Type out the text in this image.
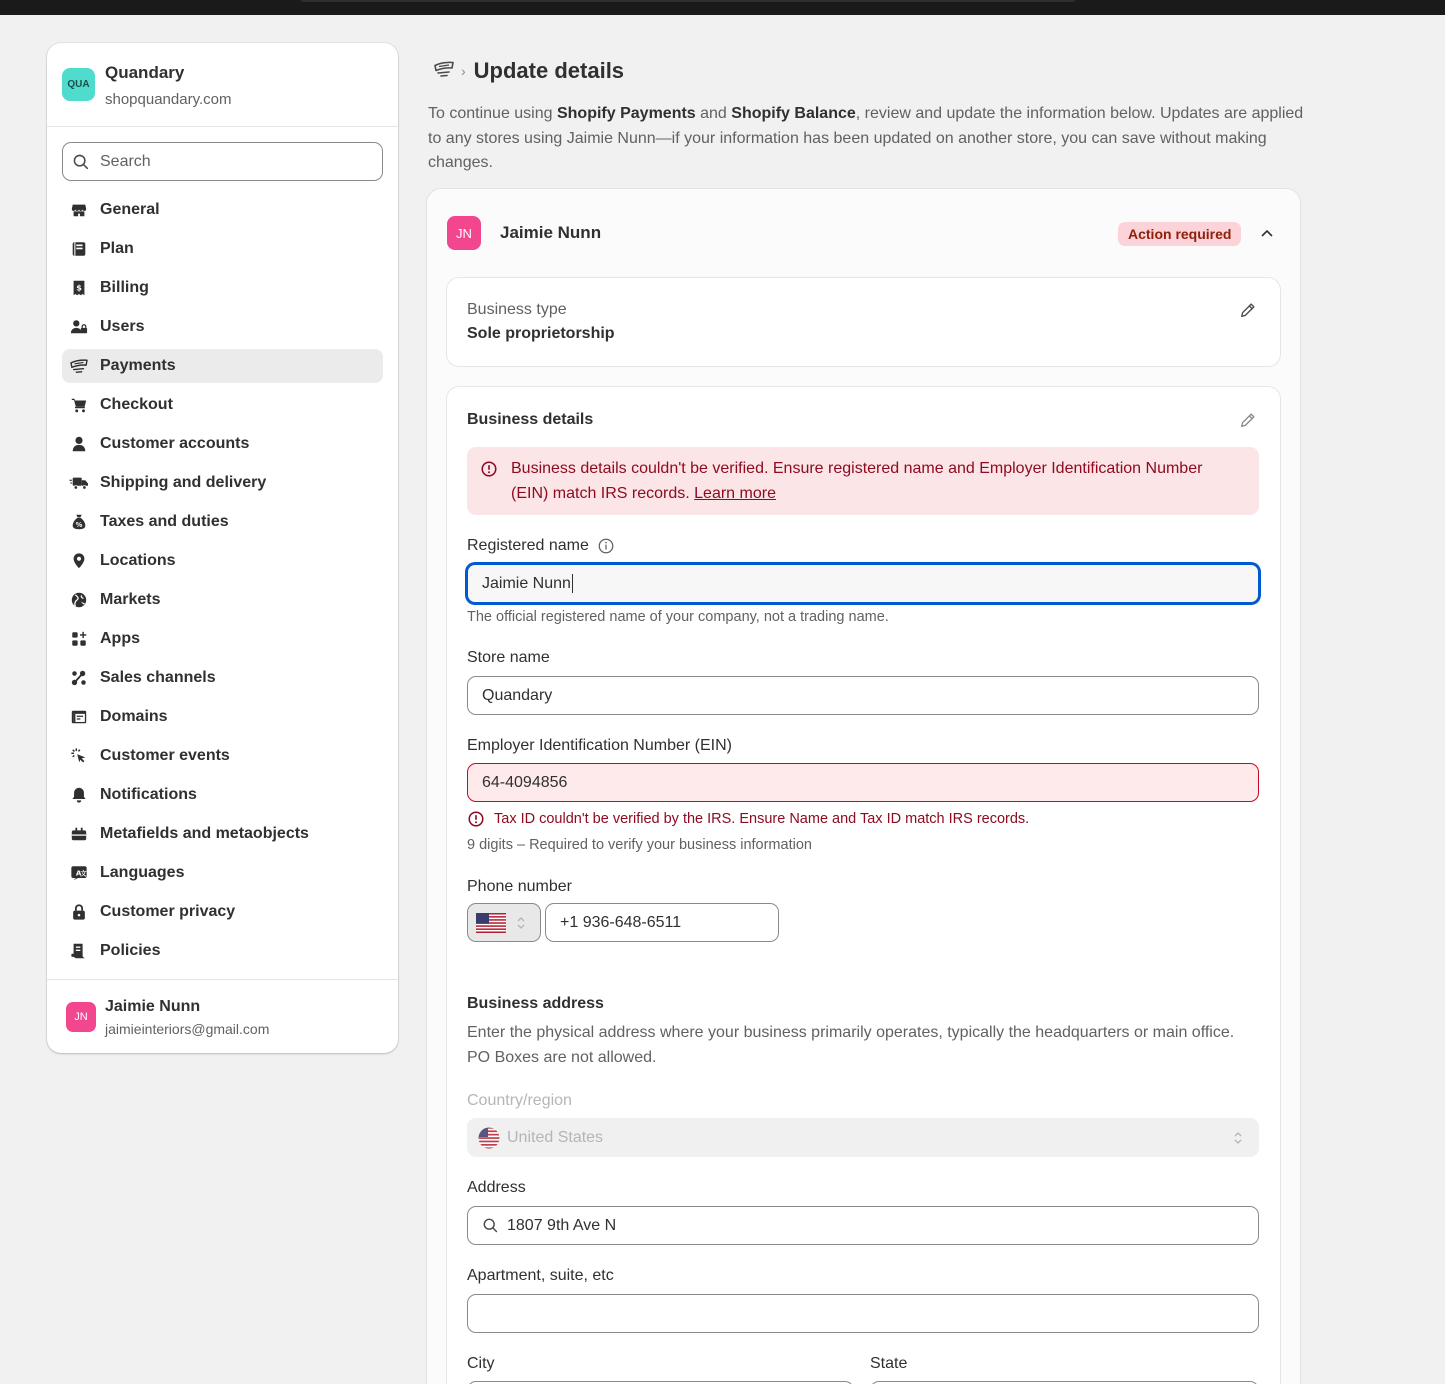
QUA
Quandary
shopquandary.com
Search
General
Plan
$ Billing
Users
Payments
Checkout
Customer accounts
Shipping and delivery
% Taxes and duties
Locations
Markets
Apps
Sales channels
Domains
Customer events
Notifications
Metafields and metaobjects
A
文 Languages
Customer privacy
Policies
JN
Jaimie Nunn
jaimieinteriors@gmail.com
› Update details

To continue using Shopify Payments and Shopify Balance, review and update the information below. Updates are applied to any stores using Jaimie Nunn—if your information has been updated on another store, you can save without making changes.

JN	Jaimie Nunn	Action required
Business type
Sole proprietorship
Business details

Business details couldn't be verified. Ensure registered name and Employer Identification Number (EIN) match IRS records. Learn more

Registered name
Jaimie Nunn
The official registered name of your company, not a trading name.
Store name
Quandary
Employer Identification Number (EIN)
64-4094856
Tax ID couldn't be verified by the IRS. Ensure Name and Tax ID match IRS records.
9 digits – Required to verify your business information
Phone number
+1 936-648-6511
Business address

Enter the physical address where your business primarily operates, typically the headquarters or main office. PO Boxes are not allowed.

Country/region
United States
Address
1807 9th Ave N
Apartment, suite, etc
City	State
